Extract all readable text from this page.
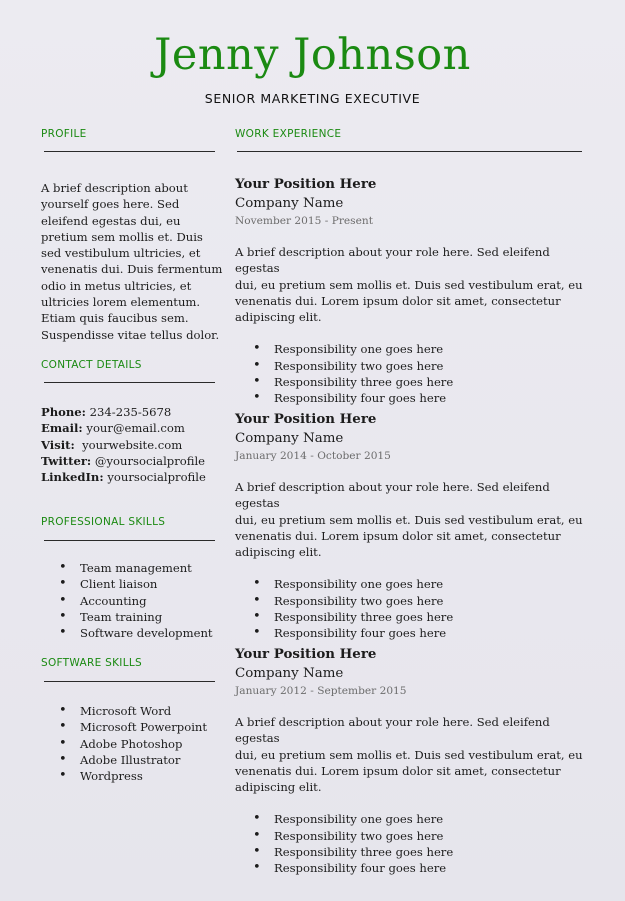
Jenny Johnson
SENIOR MARKETING EXECUTIVE
PROFILE
A brief description about
yourself goes here. Sed
eleifend egestas dui, eu
pretium sem mollis et. Duis
sed vestibulum ultricies, et
venenatis dui. Duis fermentum
odio in metus ultricies, et
ultricies lorem elementum.
Etiam quis faucibus sem.
Suspendisse vitae tellus dolor.
CONTACT DETAILS
Phone: 234-235-5678
Email: your@email.com
Visit:  yourwebsite.com
Twitter: @yoursocialprofile
LinkedIn: yoursocialprofile
PROFESSIONAL SKILLS
• Team management
• Client liaison
• Accounting
• Team training
• Software development
SOFTWARE SKILLS
• Microsoft Word
• Microsoft Powerpoint
• Adobe Photoshop
• Adobe Illustrator
• Wordpress
WORK EXPERIENCE
Your Position Here
Company Name
November 2015 - Present
A brief description about your role here. Sed eleifend egestas
dui, eu pretium sem mollis et. Duis sed vestibulum erat, eu
venenatis dui. Lorem ipsum dolor sit amet, consectetur
adipiscing elit.
• Responsibility one goes here
• Responsibility two goes here
• Responsibility three goes here
• Responsibility four goes here
Your Position Here
Company Name
January 2014 - October 2015
A brief description about your role here. Sed eleifend egestas
dui, eu pretium sem mollis et. Duis sed vestibulum erat, eu
venenatis dui. Lorem ipsum dolor sit amet, consectetur
adipiscing elit.
• Responsibility one goes here
• Responsibility two goes here
• Responsibility three goes here
• Responsibility four goes here
Your Position Here
Company Name
January 2012 - September 2015
A brief description about your role here. Sed eleifend egestas
dui, eu pretium sem mollis et. Duis sed vestibulum erat, eu
venenatis dui. Lorem ipsum dolor sit amet, consectetur
adipiscing elit.
• Responsibility one goes here
• Responsibility two goes here
• Responsibility three goes here
• Responsibility four goes here
